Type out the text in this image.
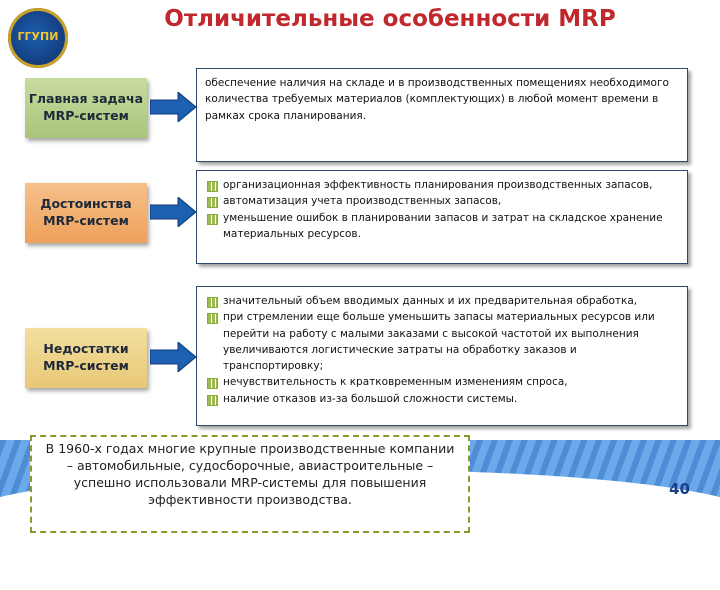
ГГУПИ
Отличительные особенности MRP
Главная задача MRP-систем
обеспечение наличия на складе и в производственных помещениях необходимого количества требуемых материалов (комплектующих) в любой момент времени в рамках срока планирования.
Достоинства MRP-систем
организационная эффективность планирования производственных запасов,
автоматизация учета производственных запасов,
уменьшение ошибок в планировании запасов и затрат на складское хранение материальных ресурсов.
Недостатки MRP-систем
значительный объем вводимых данных и их предварительная обработка,
при стремлении еще больше уменьшить запасы материальных ресурсов или перейти на работу с малыми заказами с высокой частотой их выполнения увеличиваются логистические затраты на обработку заказов и транспортировку;
нечувствительность к кратковременным изменениям спроса,
наличие отказов из-за большой сложности системы.
В 1960-х годах многие крупные производственные компании – автомобильные, судосборочные, авиастроительные – успешно использовали MRP-системы для повышения эффективности производства.
40
